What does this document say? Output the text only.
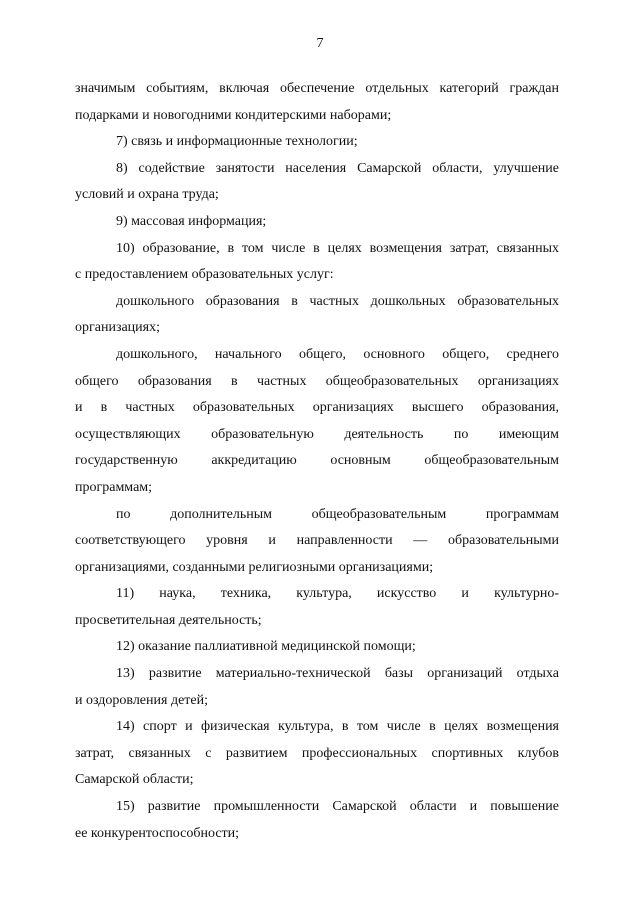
7
значимым событиям, включая обеспечение отдельных категорий граждан
подарками и новогодними кондитерскими наборами;
7) связь и информационные технологии;
8) содействие занятости населения Самарской области, улучшение
условий и охрана труда;
9) массовая информация;
10) образование, в том числе в целях возмещения затрат, связанных
с предоставлением образовательных услуг:
дошкольного образования в частных дошкольных образовательных
организациях;
дошкольного, начального общего, основного общего, среднего
общего образования в частных общеобразовательных организациях
и в частных образовательных организациях высшего образования,
осуществляющих образовательную деятельность по имеющим
государственную аккредитацию основным общеобразовательным
программам;
по дополнительным общеобразовательным программам
соответствующего уровня и направленности — образовательными
организациями, созданными религиозными организациями;
11) наука, техника, культура, искусство и культурно-
просветительная деятельность;
12) оказание паллиативной медицинской помощи;
13) развитие материально-технической базы организаций отдыха
и оздоровления детей;
14) спорт и физическая культура, в том числе в целях возмещения
затрат, связанных с развитием профессиональных спортивных клубов
Самарской области;
15) развитие промышленности Самарской области и повышение
ее конкурентоспособности;
